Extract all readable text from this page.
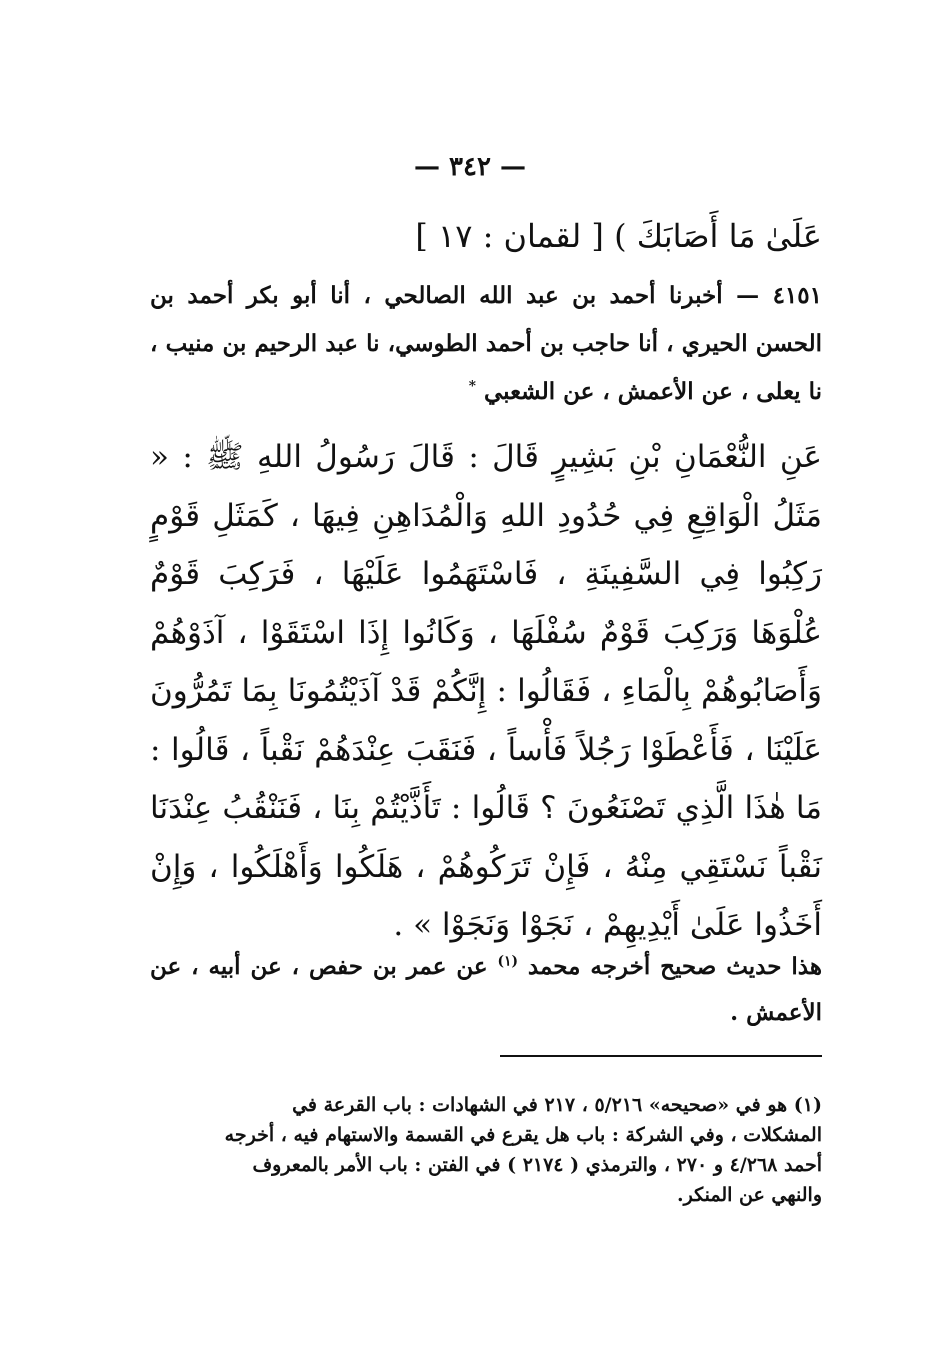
— ٣٤٢ —
عَلَىٰ مَا أَصَابَكَ ) [ لقمان : ١٧ ]
٤١٥١ — أخبرنا أحمد بن عبد الله الصالحي ، أنا أبو بكر أحمد بن الحسن الحيري ، أنا حاجب بن أحمد الطوسي، نا عبد الرحيم بن منيب ، نا يعلى ، عن الأعمش ، عن الشعبي *
عَنِ النُّعْمَانِ بْنِ بَشِيرٍ قَالَ : قَالَ رَسُولُ اللهِ ﷺ : « مَثَلُ الْوَاقِعِ فِي حُدُودِ اللهِ وَالْمُدَاهِنِ فِيهَا ، كَمَثَلِ قَوْمٍ رَكِبُوا فِي السَّفِينَةِ ، فَاسْتَهَمُوا عَلَيْهَا ، فَرَكِبَ قَوْمٌ عُلْوَهَا وَرَكِبَ قَوْمٌ سُفْلَهَا ، وَكَانُوا إِذَا اسْتَقَوْا ، آذَوْهُمْ وَأَصَابُوهُمْ بِالْمَاءِ ، فَقَالُوا : إِنَّكُمْ قَدْ آذَيْتُمُونَا بِمَا تَمُرُّونَ عَلَيْنَا ، فَأَعْطَوْا رَجُلاً فَأْساً ، فَنَقَبَ عِنْدَهُمْ نَقْباً ، قَالُوا : مَا هٰذَا الَّذِي تَصْنَعُونَ ؟ قَالُوا : تَأَذَّيْتُمْ بِنَا ، فَنَنْقُبُ عِنْدَنَا نَقْباً نَسْتَقِي مِنْهُ ، فَإِنْ تَرَكُوهُمْ ، هَلَكُوا وَأَهْلَكُوا ، وَإِنْ أَخَذُوا عَلَىٰ أَيْدِيهِمْ ، نَجَوْا وَنَجَوْا » .
هذا حديث صحيح أخرجه محمد $^{(١)}$ عن عمر بن حفص ، عن أبيه ، عن الأعمش .
(١) هو في «صحيحه» ٥/٢١٦ ، ٢١٧ في الشهادات : باب القرعة في
المشكلات ، وفي الشركة : باب هل يقرع في القسمة والاستهام فيه ، أخرجه
أحمد ٤/٢٦٨ و ٢٧٠ ، والترمذي ( ٢١٧٤ ) في الفتن : باب الأمر بالمعروف
والنهي عن المنكر.
